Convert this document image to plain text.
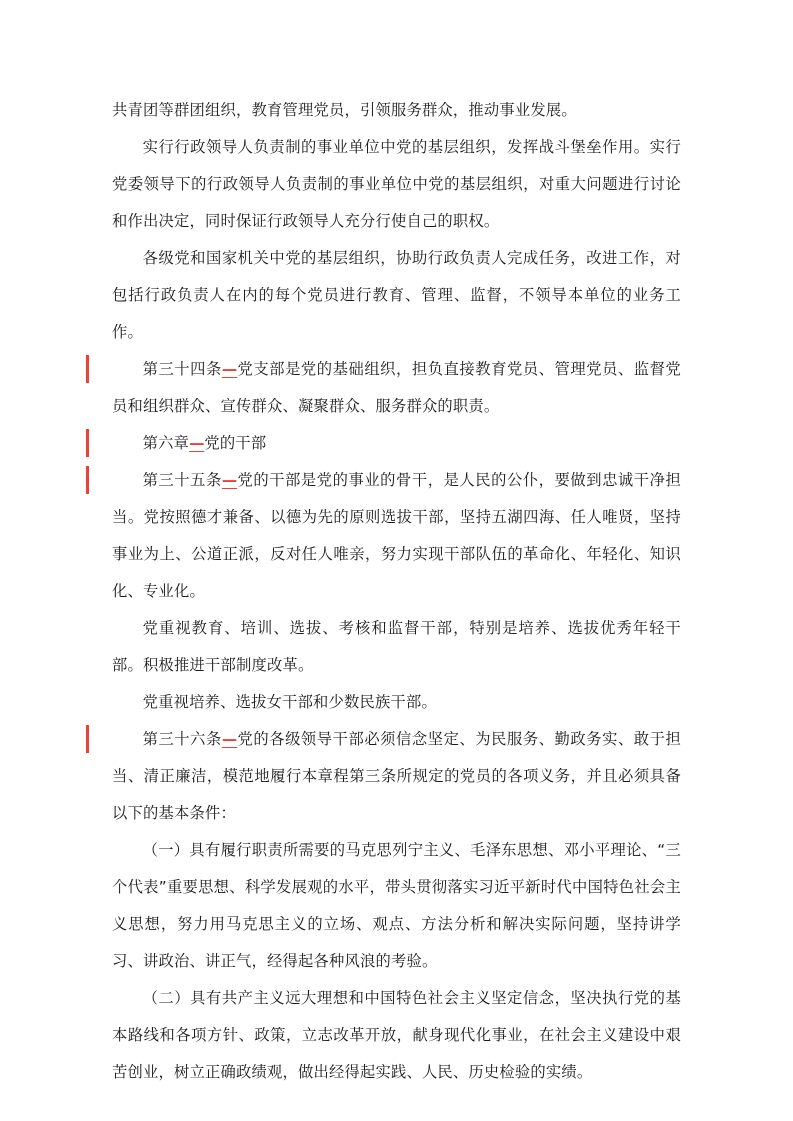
共青团等群团组织，教育管理党员，引领服务群众，推动事业发展。

实行行政领导人负责制的事业单位中党的基层组织，发挥战斗堡垒作用。实行党委领导下的行政领导人负责制的事业单位中党的基层组织，对重大问题进行讨论和作出决定，同时保证行政领导人充分行使自己的职权。

各级党和国家机关中党的基层组织，协助行政负责人完成任务，改进工作，对包括行政负责人在内的每个党员进行教育、管理、监督，不领导本单位的业务工作。

第三十四条—党支部是党的基础组织，担负直接教育党员、管理党员、监督党员和组织群众、宣传群众、凝聚群众、服务群众的职责。

第六章—党的干部

第三十五条—党的干部是党的事业的骨干，是人民的公仆，要做到忠诚干净担当。党按照德才兼备、以德为先的原则选拔干部，坚持五湖四海、任人唯贤，坚持事业为上、公道正派，反对任人唯亲，努力实现干部队伍的革命化、年轻化、知识化、专业化。

党重视教育、培训、选拔、考核和监督干部，特别是培养、选拔优秀年轻干部。积极推进干部制度改革。

党重视培养、选拔女干部和少数民族干部。

第三十六条—党的各级领导干部必须信念坚定、为民服务、勤政务实、敢于担当、清正廉洁，模范地履行本章程第三条所规定的党员的各项义务，并且必须具备以下的基本条件：

（一）具有履行职责所需要的马克思列宁主义、毛泽东思想、邓小平理论、“三个代表”重要思想、科学发展观的水平，带头贯彻落实习近平新时代中国特色社会主义思想，努力用马克思主义的立场、观点、方法分析和解决实际问题，坚持讲学习、讲政治、讲正气，经得起各种风浪的考验。

（二）具有共产主义远大理想和中国特色社会主义坚定信念，坚决执行党的基本路线和各项方针、政策，立志改革开放，献身现代化事业，在社会主义建设中艰苦创业，树立正确政绩观，做出经得起实践、人民、历史检验的实绩。
